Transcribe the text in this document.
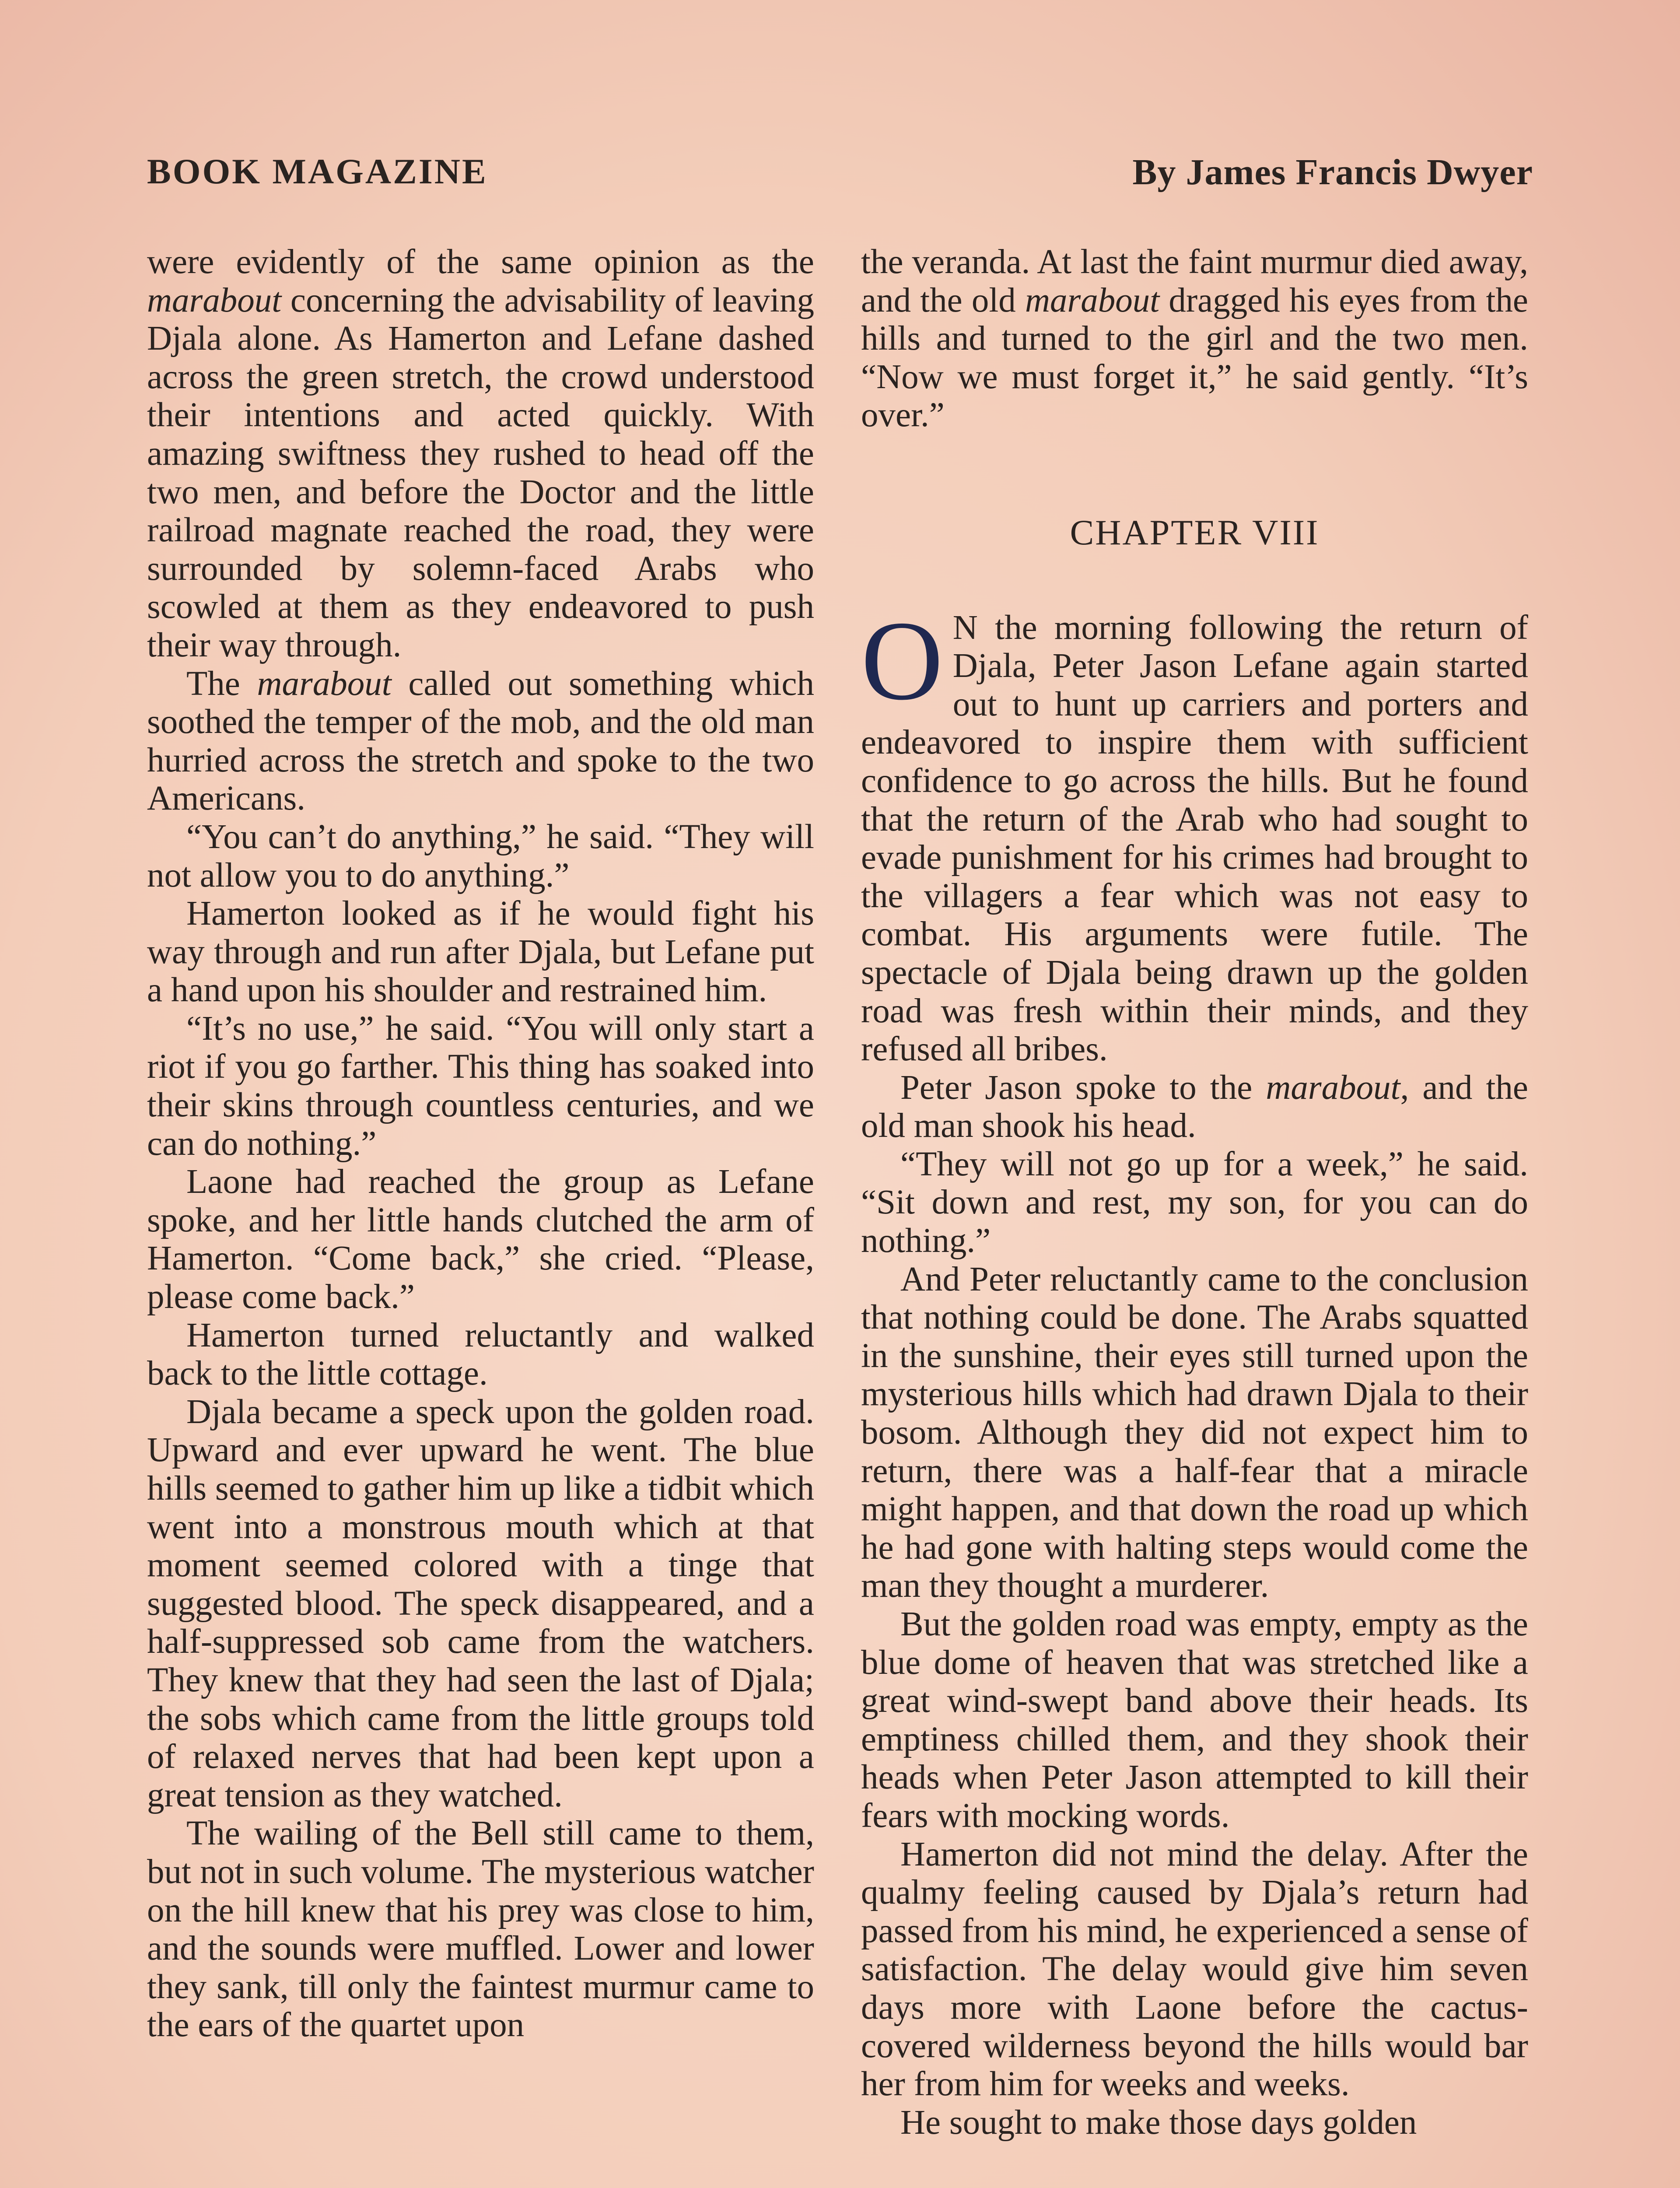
BOOK MAGAZINE	By James Francis Dwyer

were evidently of the same opinion as the marabout concerning the advisability of leaving Djala alone. As Hamerton and Lefane dashed across the green stretch, the crowd understood their intentions and acted quickly. With amazing swiftness they rushed to head off the two men, and before the Doctor and the little railroad magnate reached the road, they were surrounded by solemn-faced Arabs who scowled at them as they endeavored to push their way through.

The marabout called out something which soothed the temper of the mob, and the old man hurried across the stretch and spoke to the two Americans.

“You can’t do anything,” he said. “They will not allow you to do anything.”

Hamerton looked as if he would fight his way through and run after Djala, but Lefane put a hand upon his shoulder and restrained him.

“It’s no use,” he said. “You will only start a riot if you go farther. This thing has soaked into their skins through countless centuries, and we can do nothing.”

Laone had reached the group as Lefane spoke, and her little hands clutched the arm of Hamerton. “Come back,” she cried. “Please, please come back.”

Hamerton turned reluctantly and walked back to the little cottage.

Djala became a speck upon the golden road. Upward and ever upward he went. The blue hills seemed to gather him up like a tidbit which went into a monstrous mouth which at that moment seemed colored with a tinge that suggested blood. The speck disappeared, and a half-suppressed sob came from the watchers. They knew that they had seen the last of Djala; the sobs which came from the little groups told of relaxed nerves that had been kept upon a great tension as they watched.

The wailing of the Bell still came to them, but not in such volume. The mysterious watcher on the hill knew that his prey was close to him, and the sounds were muffled. Lower and lower they sank, till only the faintest murmur came to the ears of the quartet upon

the veranda. At last the faint murmur died away, and the old marabout dragged his eyes from the hills and turned to the girl and the two men. “Now we must forget it,” he said gently. “It’s over.”

CHAPTER VIII

O N the morning following the return of Djala, Peter Jason Lefane again started out to hunt up carriers and porters and endeavored to inspire them with sufficient confidence to go across the hills. But he found that the return of the Arab who had sought to evade punishment for his crimes had brought to the villagers a fear which was not easy to combat. His arguments were futile. The spectacle of Djala being drawn up the golden road was fresh within their minds, and they refused all bribes.

Peter Jason spoke to the marabout, and the old man shook his head.

“They will not go up for a week,” he said. “Sit down and rest, my son, for you can do nothing.”

And Peter reluctantly came to the conclusion that nothing could be done. The Arabs squatted in the sunshine, their eyes still turned upon the mysterious hills which had drawn Djala to their bosom. Although they did not expect him to return, there was a half-fear that a miracle might happen, and that down the road up which he had gone with halting steps would come the man they thought a murderer.

But the golden road was empty, empty as the blue dome of heaven that was stretched like a great wind-swept band above their heads. Its emptiness chilled them, and they shook their heads when Peter Jason attempted to kill their fears with mocking words.

Hamerton did not mind the delay. After the qualmy feeling caused by Djala’s return had passed from his mind, he experienced a sense of satisfaction. The delay would give him seven days more with Laone before the cactus-covered wilderness beyond the hills would bar her from him for weeks and weeks.

He sought to make those days golden
